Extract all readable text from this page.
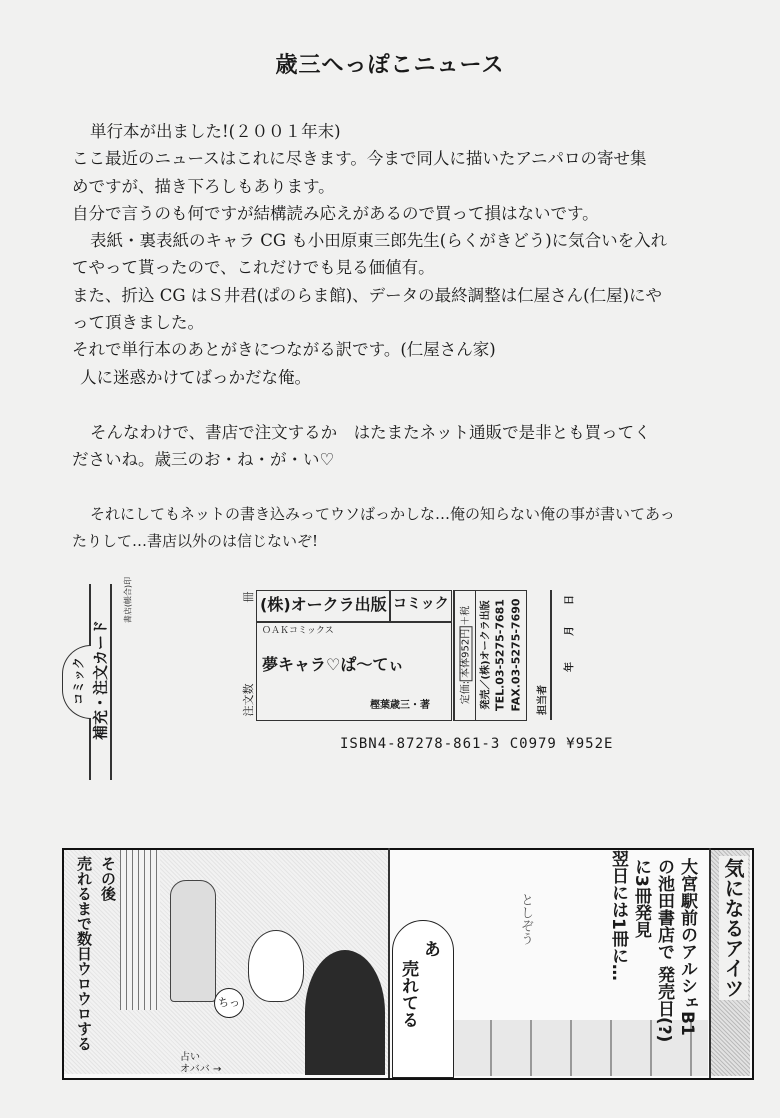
歳三へっぽこニュース

単行本が出ました!(２００１年末)

ここ最近のニュースはこれに尽きます。今まで同人に描いたアニパロの寄せ集

めですが、描き下ろしもあります。

自分で言うのも何ですが結構読み応えがあるので買って損はないです。

表紙・裏表紙のキャラ CG も小田原東三郎先生(らくがきどう)に気合いを入れ

てやって貰ったので、これだけでも見る価値有。

また、折込 CG はＳ井君(ぱのらま館)、データの最終調整は仁屋さん(仁屋)にや

って頂きました。

それで単行本のあとがきにつながる訳です。(仁屋さん家)

人に迷惑かけてばっかだな俺。

そんなわけで、書店で注文するか　はたまたネット通販で是非とも買ってく

ださいね。歳三のお・ね・が・い♡

それにしてもネットの書き込みってウソばっかしな…俺の知らない俺の事が書いてあっ

たりして…書店以外のは信じないぞ!

コミック 補充・注文カード
書店(帳合)印	冊
注文数
(株)オークラ出版 コミック
ＯＡＫコミックス
夢キャラ♡ぱ〜てぃ
樫葉歳三・著
定価:本体952円＋税 発売／(株)オークラ出版 TEL.03-5275-7681 FAX.03-5275-7690	担当者
年
月
日
ISBN4-87278-861-3 C0979 ¥952E
その後
売れるまで数日ウロウロする	ちっ
占い
オババ →
あ
売れてる
としぞう	大宮駅前のアルシェB1
の池田書店で 発売日(?)
に3冊発見
翌日には1冊に…	気になるアイツ
